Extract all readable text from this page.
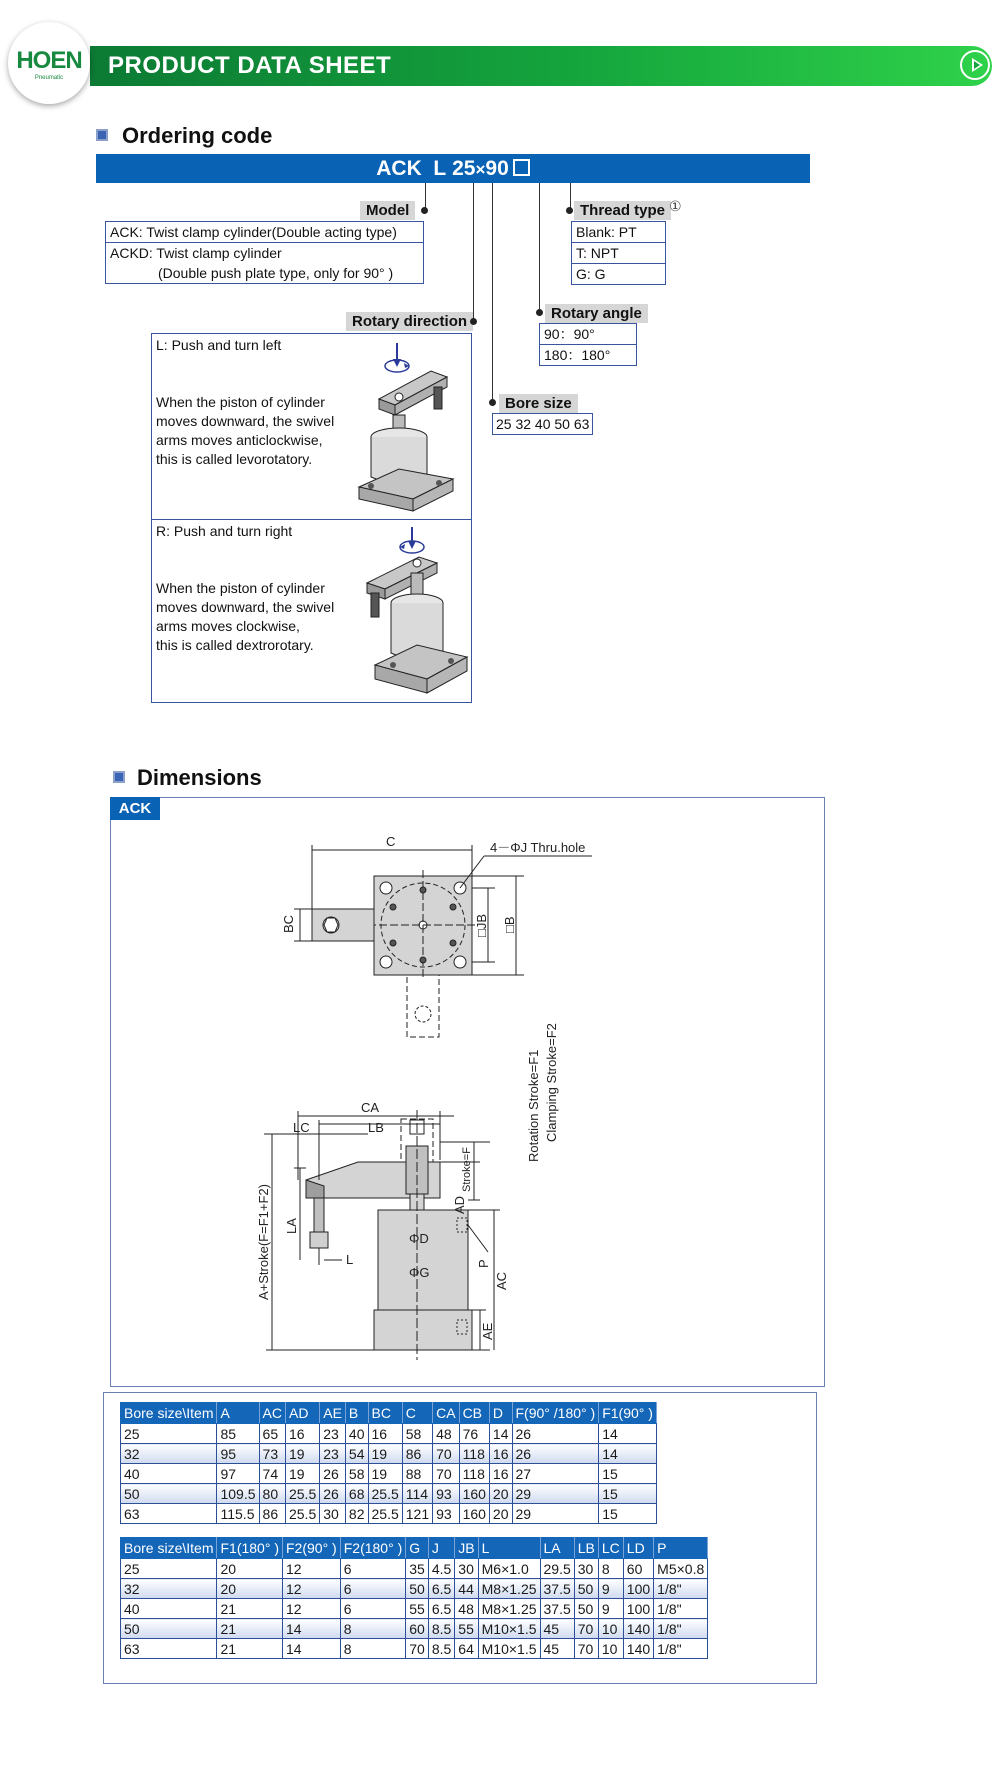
PRODUCT DATA SHEET
HOEN
Pneumatic
Ordering code
ACK L 25×90
Model
ACK: Twist clamp cylinder(Double acting type)
ACKD: Twist clamp cylinder
(Double push plate type, only for 90° )
Thread type ①
Blank: PT
T: NPT
G: G
Rotary angle
90：90°
180：180°
Bore size
25 32 40 50 63
Rotary direction
L: Push and turn left
When the piston of cylinder
moves downward, the swivel
arms moves anticlockwise,
this is called levorotatory.
R: Push and turn right
When the piston of cylinder
moves downward, the swivel
arms moves clockwise,
this is called dextrorotary.
Dimensions
ACK
C	4－ΦJ Thru.hole
BC	□JB □B
CA
LC	LB	Rotation Stroke=F1 Clamping Stroke=F2
Stroke=F
AD
LA
A+Stroke(F=F1+F2)	ΦD
L
ΦG
P
AC
AE
Bore size\Item	A	AC	AD	AE	B	BC	C	CA	CB	D	F(90° /180° )	F1(90° )
25	85	65	16	23	40	16	58	48	76	14	26	14
32	95	73	19	23	54	19	86	70	118	16	26	14
40	97	74	19	26	58	19	88	70	118	16	27	15
50	109.5	80	25.5	26	68	25.5	114	93	160	20	29	15
63	115.5	86	25.5	30	82	25.5	121	93	160	20	29	15
Bore size\Item	F1(180° )	F2(90° )	F2(180° )	G	J	JB	L	LA	LB	LC	LD	P
25	20	12	6	35	4.5	30	M6×1.0	29.5	30	8	60	M5×0.8
32	20	12	6	50	6.5	44	M8×1.25	37.5	50	9	100	1/8"
40	21	12	6	55	6.5	48	M8×1.25	37.5	50	9	100	1/8"
50	21	14	8	60	8.5	55	M10×1.5	45	70	10	140	1/8"
63	21	14	8	70	8.5	64	M10×1.5	45	70	10	140	1/8"
